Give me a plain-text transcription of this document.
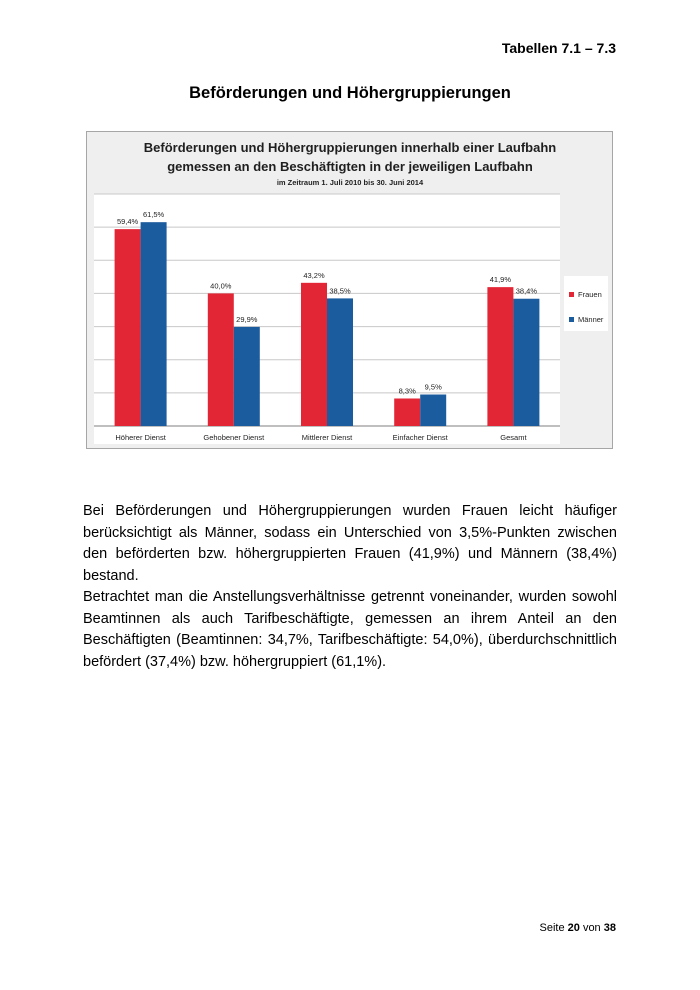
Tabellen 7.1 – 7.3
Beförderungen und Höhergruppierungen
Beförderungen und Höhergruppierungen innerhalb einer Laufbahn
gemessen an den Beschäftigten in der jeweiligen Laufbahn
im Zeitraum 1. Juli 2010 bis 30. Juni 2014
59,4%
61,5%
40,0%
29,9%
43,2%
38,5%
8,3% 9,5%
41,9%
38,4%
Höherer Dienst	Gehobener Dienst	Mittlerer Dienst	Einfacher Dienst	Gesamt
Frauen
Männer

Bei Beförderungen und Höhergruppierungen wurden Frauen leicht häufiger berücksichtigt als Männer, sodass ein Unterschied von 3,5%-Punkten zwischen den beförderten bzw. höhergruppierten Frauen (41,9%) und Männern (38,4%) bestand.

Betrachtet man die Anstellungsverhältnisse getrennt voneinander, wurden sowohl Beamtinnen als auch Tarifbeschäftigte, gemessen an ihrem Anteil an den Beschäftigten (Beamtinnen: 34,7%, Tarifbeschäftigte: 54,0%), überdurchschnittlich befördert (37,4%) bzw. höhergruppiert (61,1%).

Seite 20 von 38
